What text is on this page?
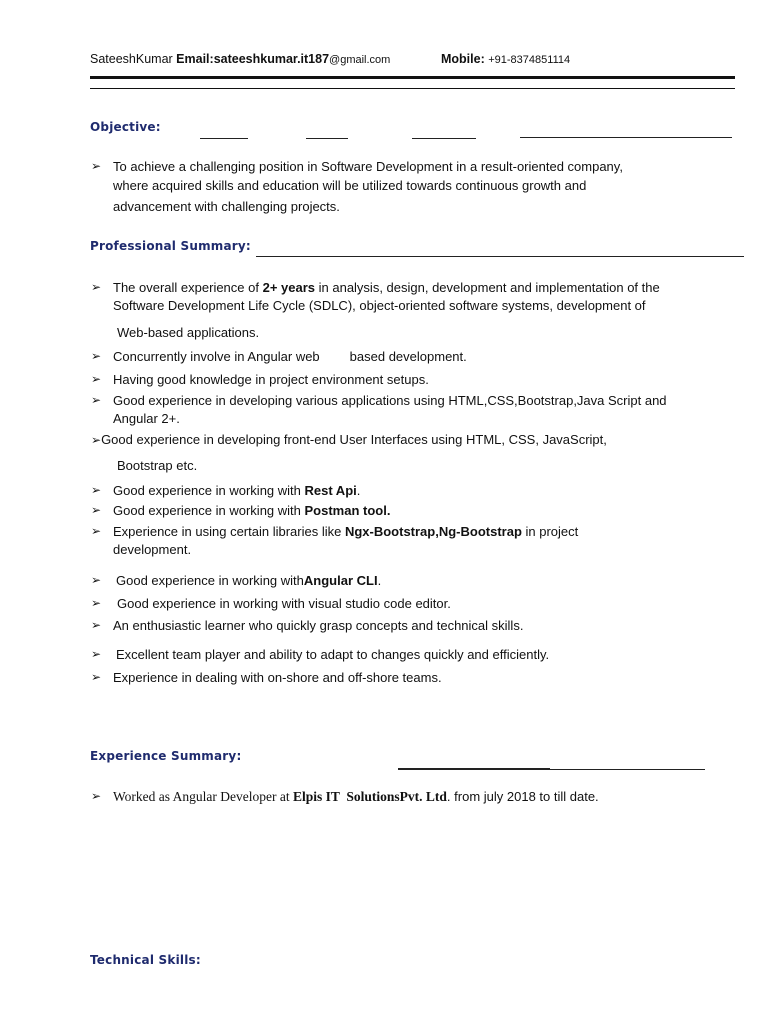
SateeshKumar Email:sateeshkumar.it187@gmail.com	Mobile: +91-8374851114
Objective:
➢ To achieve a challenging position in Software Development in a result-oriented company,
where acquired skills and education will be utilized towards continuous growth and
advancement with challenging projects.
Professional Summary:
➢ The overall experience of 2+ years in analysis, design, development and implementation of the
Software Development Life Cycle (SDLC), object-oriented software systems, development of
Web-based applications.
➢ Concurrently involve in Angular web based development.
➢ Having good knowledge in project environment setups.
➢ Good experience in developing various applications using HTML,CSS,Bootstrap,Java Script and
Angular 2+.
➢Good experience in developing front-end User Interfaces using HTML, CSS, JavaScript,
Bootstrap etc.
➢ Good experience in working with Rest Api.
➢ Good experience in working with Postman tool.
➢ Experience in using certain libraries like Ngx-Bootstrap,Ng-Bootstrap in project
development.
➢ Good experience in working withAngular CLI.
➢ Good experience in working with visual studio code editor.
➢ An enthusiastic learner who quickly grasp concepts and technical skills.
➢ Excellent team player and ability to adapt to changes quickly and efficiently.
➢ Experience in dealing with on-shore and off-shore teams.
Experience Summary:
➢ Worked as Angular Developer at Elpis IT  SolutionsPvt. Ltd. from july 2018 to till date.
Technical Skills:
